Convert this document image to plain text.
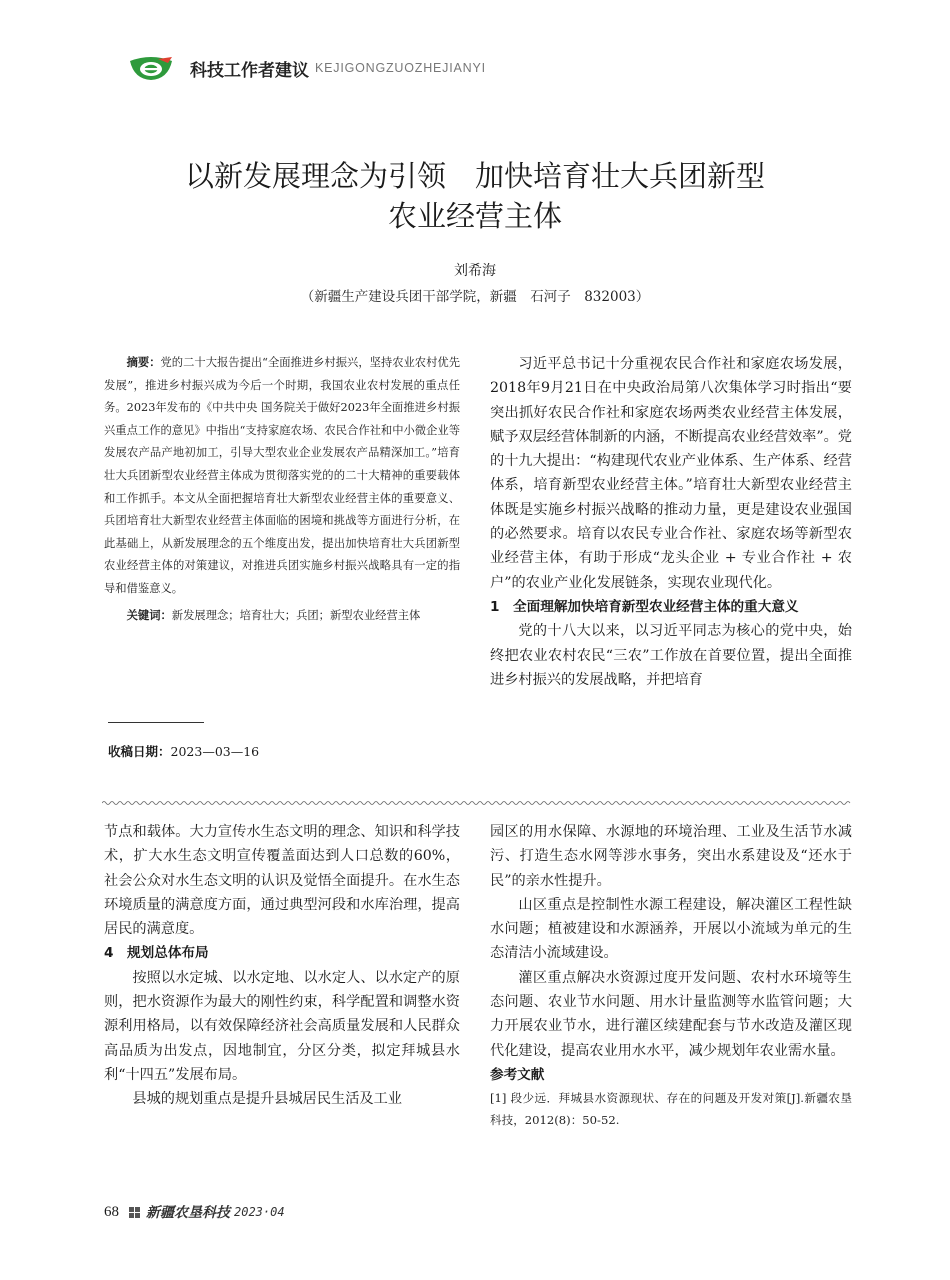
科技工作者建议 KEJIGONGZUOZHEJIANYI
以新发展理念为引领　加快培育壮大兵团新型
农业经营主体
刘希海
（新疆生产建设兵团干部学院，新疆　石河子　832003）

摘要：党的二十大报告提出“全面推进乡村振兴，坚持农业农村优先发展”，推进乡村振兴成为今后一个时期，我国农业农村发展的重点任务。2023年发布的《中共中央 国务院关于做好2023年全面推进乡村振兴重点工作的意见》中指出“支持家庭农场、农民合作社和中小微企业等发展农产品产地初加工，引导大型农业企业发展农产品精深加工。”培育壮大兵团新型农业经营主体成为贯彻落实党的的二十大精神的重要载体和工作抓手。本文从全面把握培育壮大新型农业经营主体的重要意义、兵团培育壮大新型农业经营主体面临的困境和挑战等方面进行分析，在此基础上，从新发展理念的五个维度出发，提出加快培育壮大兵团新型农业经营主体的对策建议，对推进兵团实施乡村振兴战略具有一定的指导和借鉴意义。

关键词：新发展理念；培育壮大；兵团；新型农业经营主体

收稿日期：2023—03—16

习近平总书记十分重视农民合作社和家庭农场发展，2018年9月21日在中央政治局第八次集体学习时指出“要突出抓好农民合作社和家庭农场两类农业经营主体发展，赋予双层经营体制新的内涵，不断提高农业经营效率”。党的十九大提出：“构建现代农业产业体系、生产体系、经营体系，培育新型农业经营主体。”培育壮大新型农业经营主体既是实施乡村振兴战略的推动力量，更是建设农业强国的必然要求。培育以农民专业合作社、家庭农场等新型农业经营主体，有助于形成“龙头企业 + 专业合作社 + 农户”的农业产业化发展链条，实现农业现代化。

1　全面理解加快培育新型农业经营主体的重大意义

党的十八大以来，以习近平同志为核心的党中央，始终把农业农村农民“三农”工作放在首要位置，提出全面推进乡村振兴的发展战略，并把培育

节点和载体。大力宣传水生态文明的理念、知识和科学技术，扩大水生态文明宣传覆盖面达到人口总数的60%，社会公众对水生态文明的认识及觉悟全面提升。在水生态环境质量的满意度方面，通过典型河段和水库治理，提高居民的满意度。

4　规划总体布局

按照以水定城、以水定地、以水定人、以水定产的原则，把水资源作为最大的刚性约束，科学配置和调整水资源利用格局，以有效保障经济社会高质量发展和人民群众高品质为出发点，因地制宜，分区分类，拟定拜城县水利“十四五”发展布局。

县城的规划重点是提升县城居民生活及工业

园区的用水保障、水源地的环境治理、工业及生活节水减污、打造生态水网等涉水事务，突出水系建设及“还水于民”的亲水性提升。

山区重点是控制性水源工程建设，解决灌区工程性缺水问题；植被建设和水源涵养，开展以小流域为单元的生态清洁小流域建设。

灌区重点解决水资源过度开发问题、农村水环境等生态问题、农业节水问题、用水计量监测等水监管问题；大力开展农业节水，进行灌区续建配套与节水改造及灌区现代化建设，提高农业用水水平，减少规划年农业需水量。

参考文献

[1] 段少远．拜城县水资源现状、存在的问题及开发对策[J].新疆农垦科技，2012(8)：50-52.

68 新疆农垦科技 2023·04
